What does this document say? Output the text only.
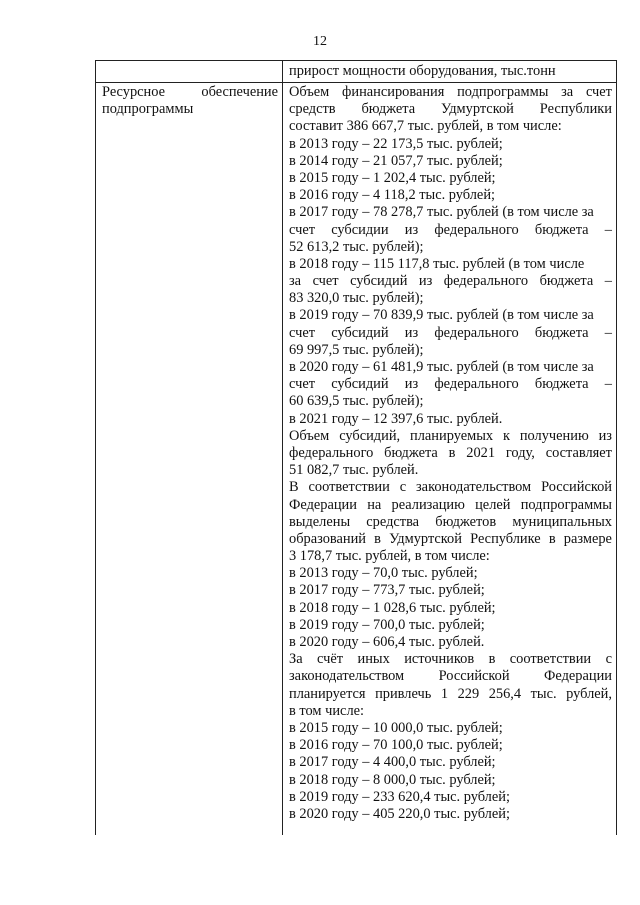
12
прирост мощности оборудования, тыс.тонн
Ресурсное	обеспечение
подпрограммы
Объем финансирования подпрограммы за счет
средств бюджета Удмуртской Республики
составит 386 667,7 тыс. рублей, в том числе:
в 2013 году – 22 173,5 тыс. рублей;
в 2014 году – 21 057,7 тыс. рублей;
в 2015 году – 1 202,4 тыс. рублей;
в 2016 году – 4 118,2 тыс. рублей;
в 2017 году – 78 278,7 тыс. рублей (в том числе за
счет субсидии из федерального бюджета –
52 613,2 тыс. рублей);
в 2018 году – 115 117,8 тыс. рублей (в том числе
за счет субсидий из федерального бюджета –
83 320,0 тыс. рублей);
в 2019 году – 70 839,9 тыс. рублей (в том числе за
счет субсидий из федерального бюджета –
69 997,5 тыс. рублей);
в 2020 году – 61 481,9 тыс. рублей (в том числе за
счет субсидий из федерального бюджета –
60 639,5 тыс. рублей);
в 2021 году – 12 397,6 тыс. рублей.
Объем субсидий, планируемых к получению из
федерального бюджета в 2021 году, составляет
51 082,7 тыс. рублей.
В соответствии с законодательством Российской
Федерации на реализацию целей подпрограммы
выделены средства бюджетов муниципальных
образований в Удмуртской Республике в размере
3 178,7 тыс. рублей, в том числе:
в 2013 году – 70,0 тыс. рублей;
в 2017 году – 773,7 тыс. рублей;
в 2018 году – 1 028,6 тыс. рублей;
в 2019 году – 700,0 тыс. рублей;
в 2020 году – 606,4 тыс. рублей.
За счёт иных источников в соответствии с
законодательством Российской Федерации
планируется привлечь 1 229 256,4 тыс. рублей,
в том числе:
в 2015 году – 10 000,0 тыс. рублей;
в 2016 году – 70 100,0 тыс. рублей;
в 2017 году – 4 400,0 тыс. рублей;
в 2018 году – 8 000,0 тыс. рублей;
в 2019 году – 233 620,4 тыс. рублей;
в 2020 году – 405 220,0 тыс. рублей;
